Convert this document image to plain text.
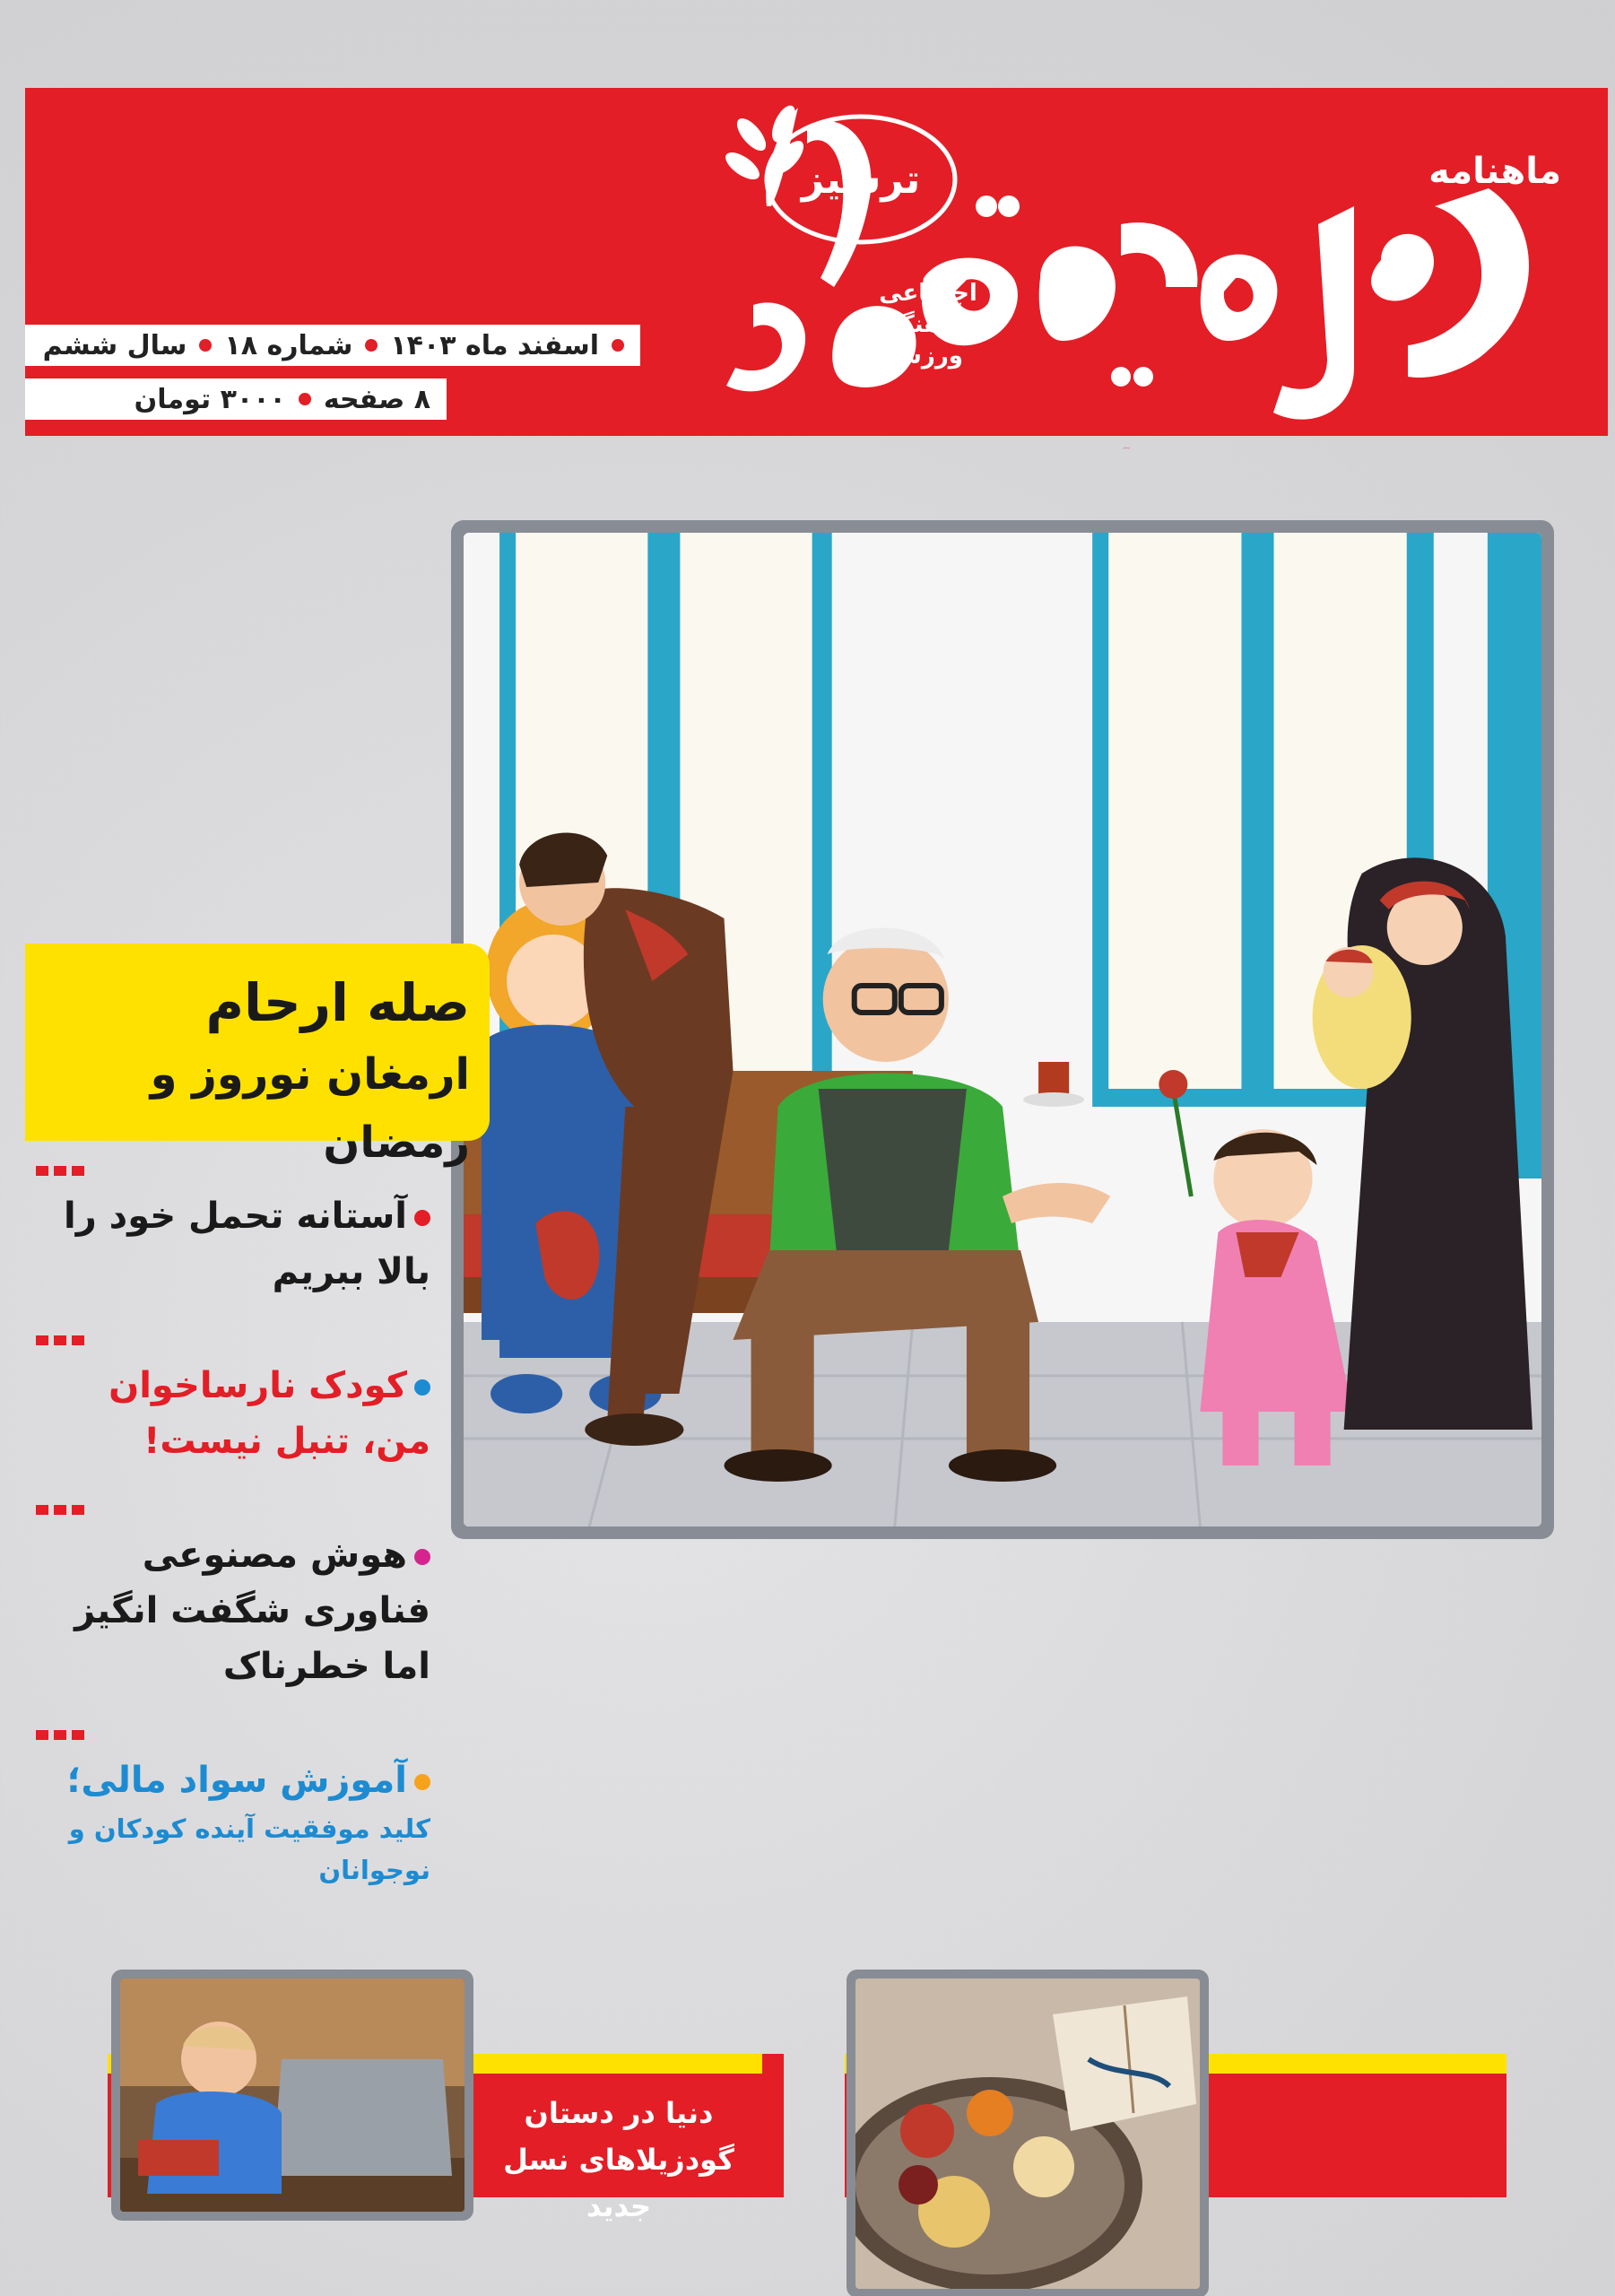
ماهنامه
ترشیز
اجتماعی
فرهنگی
ورزشی
جوانه‌های
اسفند ماه ۱۴۰۳
شماره ۱۸
سال ششم
۸ صفحه
۳۰۰۰ تومان
صله ارحام
ارمغان نوروز و رمضان
آستانه تحمل خود را بالا ببریم
کودک نارساخوان من، تنبل نیست!
هوش مصنوعی فناوری شگفت انگیز اما خطرناک
آموزش سواد مالی؛
کلید موفقیت آینده کودکان و نوجوانان
دنیا در دستان
گودزیلاهای نسل جدید
